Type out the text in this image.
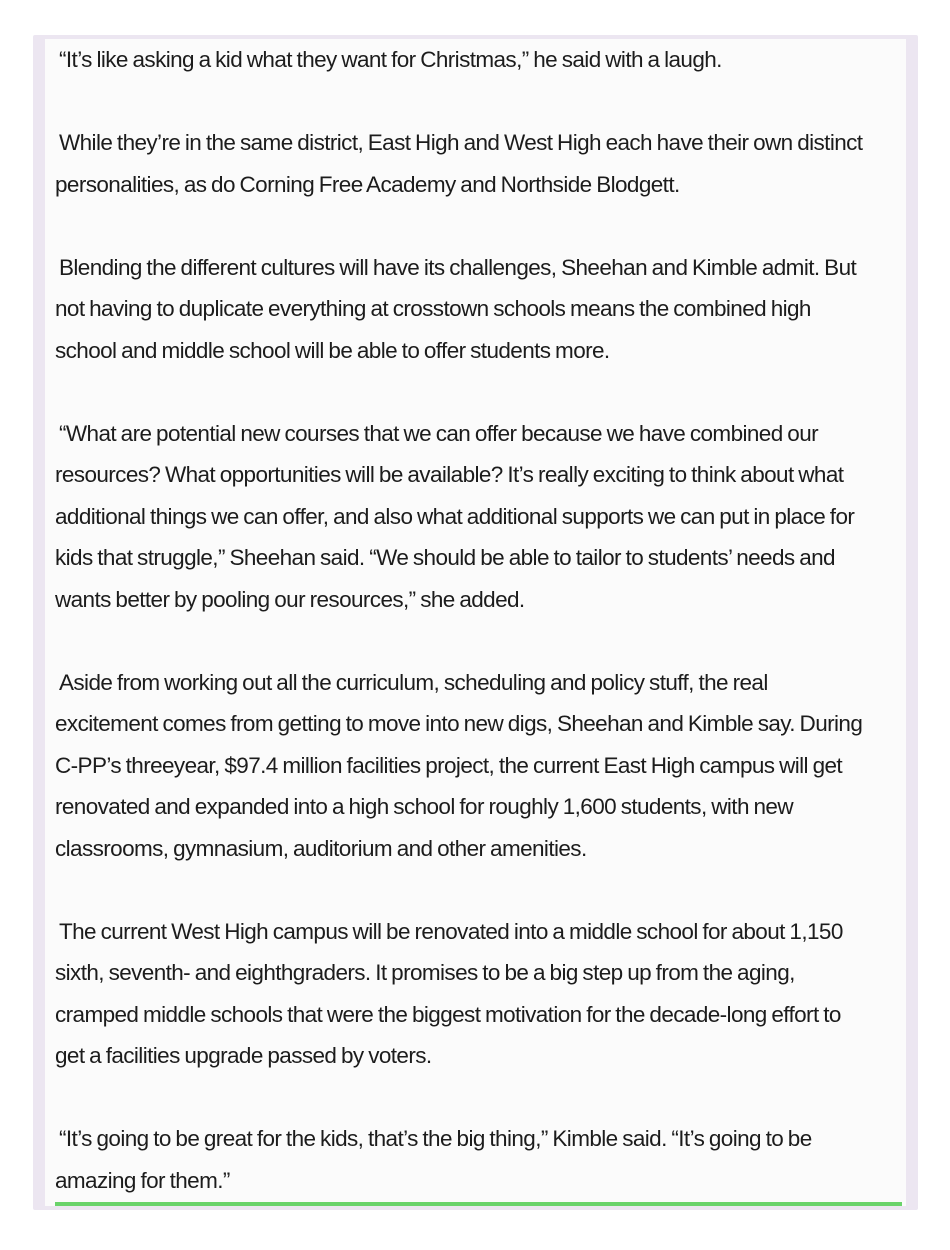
“It’s like asking a kid what they want for Christmas,” he said with a laugh.

While they’re in the same district, East High and West High each have their own distinct
personalities, as do Corning Free Academy and Northside Blodgett.

Blending the different cultures will have its challenges, Sheehan and Kimble admit. But
not having to duplicate everything at crosstown schools means the combined high
school and middle school will be able to offer students more.

“What are potential new courses that we can offer because we have combined our
resources? What opportunities will be available? It’s really exciting to think about what
additional things we can offer, and also what additional supports we can put in place for
kids that struggle,” Sheehan said. “We should be able to tailor to students’ needs and
wants better by pooling our resources,” she added.

Aside from working out all the curriculum, scheduling and policy stuff, the real
excitement comes from getting to move into new digs, Sheehan and Kimble say. During
C-PP’s threeyear, $97.4 million facilities project, the current East High campus will get
renovated and expanded into a high school for roughly 1,600 students, with new
classrooms, gymnasium, auditorium and other amenities.

The current West High campus will be renovated into a middle school for about 1,150
sixth, seventh- and eighthgraders. It promises to be a big step up from the aging,
cramped middle schools that were the biggest motivation for the decade-long effort to
get a facilities upgrade passed by voters.

“It’s going to be great for the kids, that’s the big thing,” Kimble said. “It’s going to be
amazing for them.”
